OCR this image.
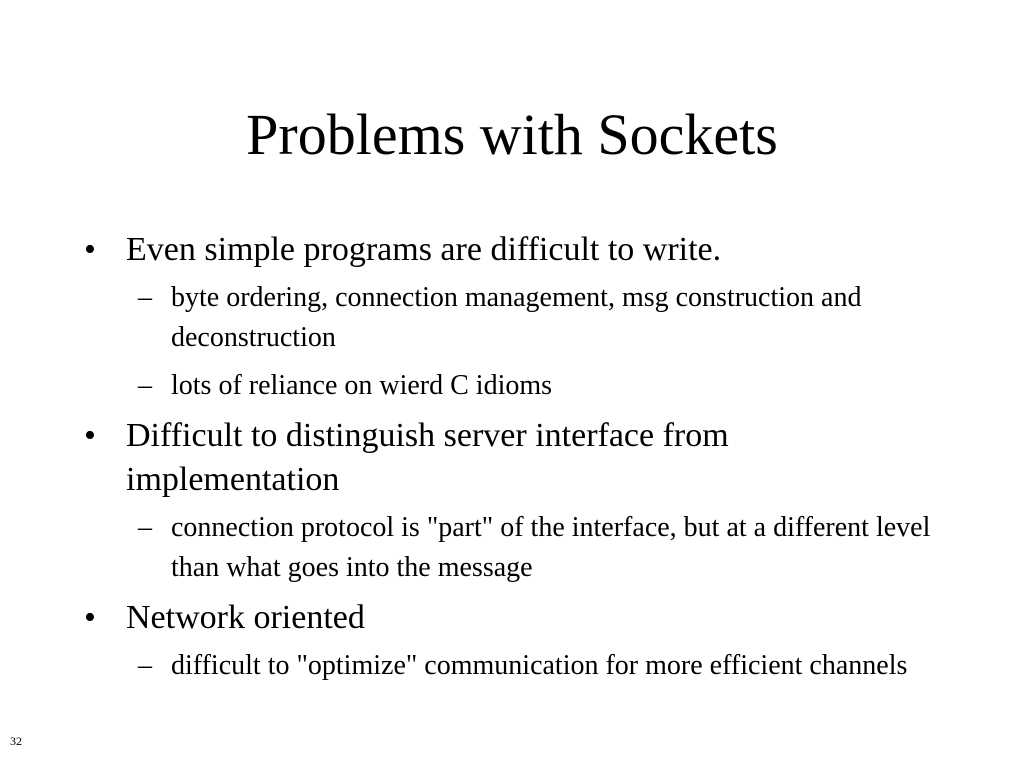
Problems with Sockets
• Even simple programs are difficult to write.
– byte ordering, connection management, msg construction and deconstruction
– lots of reliance on wierd C idioms
• Difficult to distinguish server interface from implementation
– connection protocol is "part" of the interface, but at a different level than what goes into the message
• Network oriented
– difficult to "optimize" communication for more efficient channels
32
